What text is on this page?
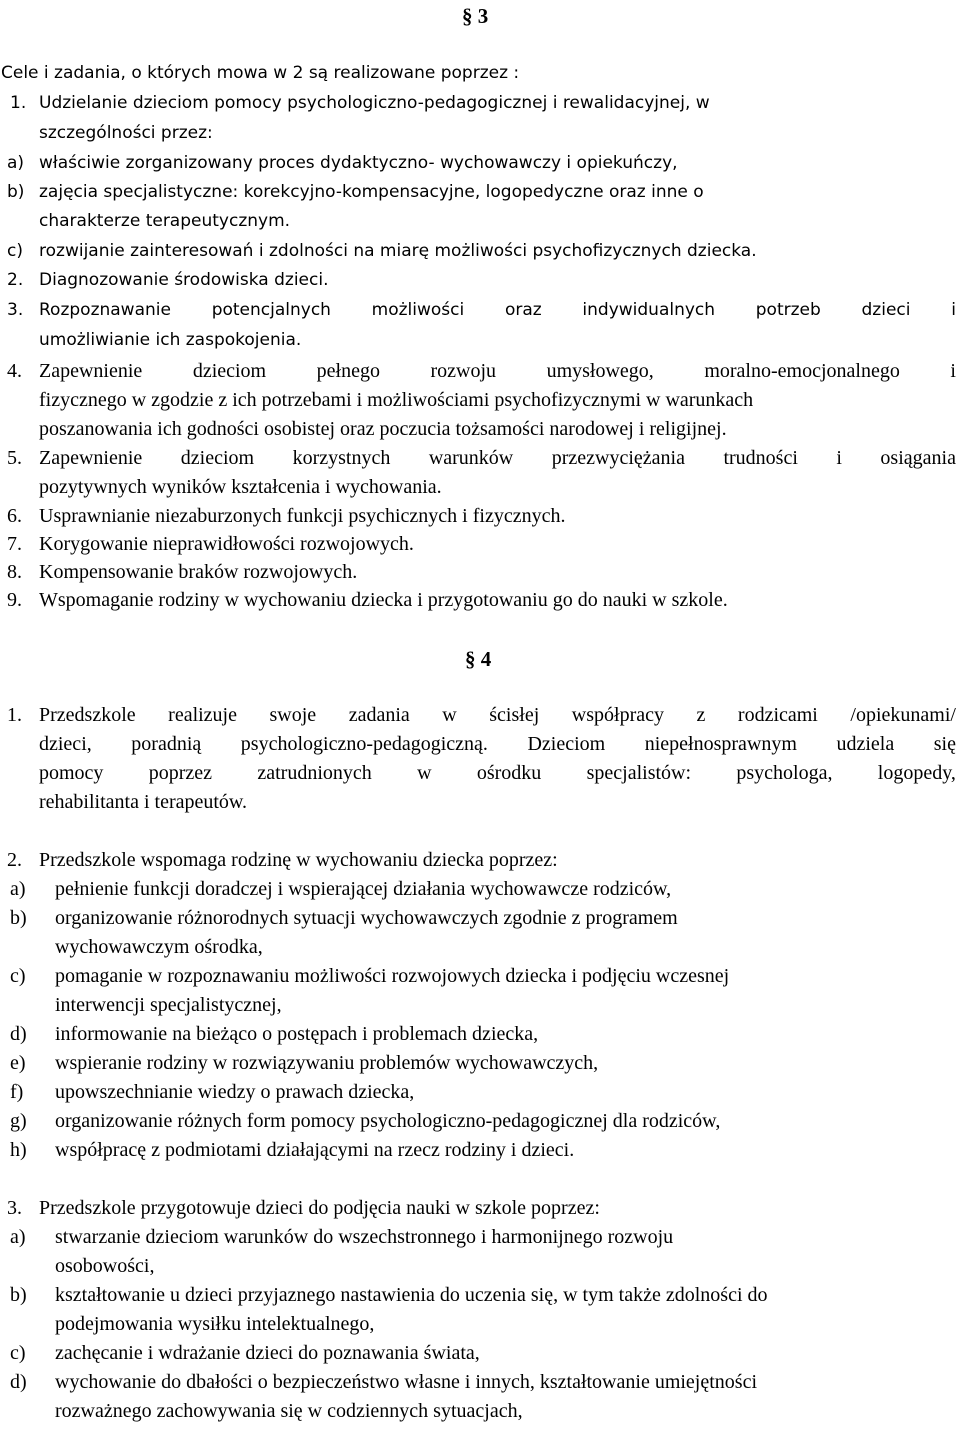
§ 3
Cele i zadania, o których mowa w 2 są realizowane poprzez :
1. Udzielanie dzieciom pomocy psychologiczno-pedagogicznej i rewalidacyjnej, w
szczególności przez:
a) właściwie zorganizowany proces dydaktyczno- wychowawczy i opiekuńczy,
b) zajęcia specjalistyczne: korekcyjno-kompensacyjne, logopedyczne oraz inne o
charakterze terapeutycznym.
c) rozwijanie zainteresowań i zdolności na miarę możliwości psychofizycznych dziecka.
2. Diagnozowanie środowiska dzieci.
3. Rozpoznawanie potencjalnych możliwości oraz indywidualnych potrzeb dzieci i
umożliwianie ich zaspokojenia.
4. Zapewnienie	dzieciom	pełnego	rozwoju	umysłowego,	moralno-emocjonalnego	i
fizycznego w zgodzie z ich potrzebami i możliwościami psychofizycznymi w warunkach
poszanowania ich godności osobistej oraz poczucia tożsamości narodowej i religijnej.
5. Zapewnienie dzieciom korzystnych warunków przezwyciężania trudności i osiągania
pozytywnych wyników kształcenia i wychowania.
6. Usprawnianie niezaburzonych funkcji psychicznych i fizycznych.
7. Korygowanie nieprawidłowości rozwojowych.
8. Kompensowanie braków rozwojowych.
9. Wspomaganie rodziny w wychowaniu dziecka i przygotowaniu go do nauki w szkole.
§ 4
1. Przedszkole realizuje swoje zadania w ścisłej współpracy z rodzicami /opiekunami/
dzieci, poradnią psychologiczno-pedagogiczną. Dzieciom niepełnosprawnym udziela się
pomocy poprzez zatrudnionych w ośrodku specjalistów: psychologa, logopedy,
rehabilitanta i terapeutów.
2. Przedszkole wspomaga rodzinę w wychowaniu dziecka poprzez:
a) pełnienie funkcji doradczej i wspierającej działania wychowawcze rodziców,
b) organizowanie różnorodnych sytuacji wychowawczych zgodnie z programem
wychowawczym ośrodka,
c) pomaganie w rozpoznawaniu możliwości rozwojowych dziecka i podjęciu wczesnej
interwencji specjalistycznej,
d) informowanie na bieżąco o postępach i problemach dziecka,
e) wspieranie rodziny w rozwiązywaniu problemów wychowawczych,
f) upowszechnianie wiedzy o prawach dziecka,
g) organizowanie różnych form pomocy psychologiczno-pedagogicznej dla rodziców,
h) współpracę z podmiotami działającymi na rzecz rodziny i dzieci.
3. Przedszkole przygotowuje dzieci do podjęcia nauki w szkole poprzez:
a) stwarzanie dzieciom warunków do wszechstronnego i harmonijnego rozwoju
osobowości,
b) kształtowanie u dzieci przyjaznego nastawienia do uczenia się, w tym także zdolności do
podejmowania wysiłku intelektualnego,
c) zachęcanie i wdrażanie dzieci do poznawania świata,
d) wychowanie do dbałości o bezpieczeństwo własne i innych, kształtowanie umiejętności
rozważnego zachowywania się w codziennych sytuacjach,
